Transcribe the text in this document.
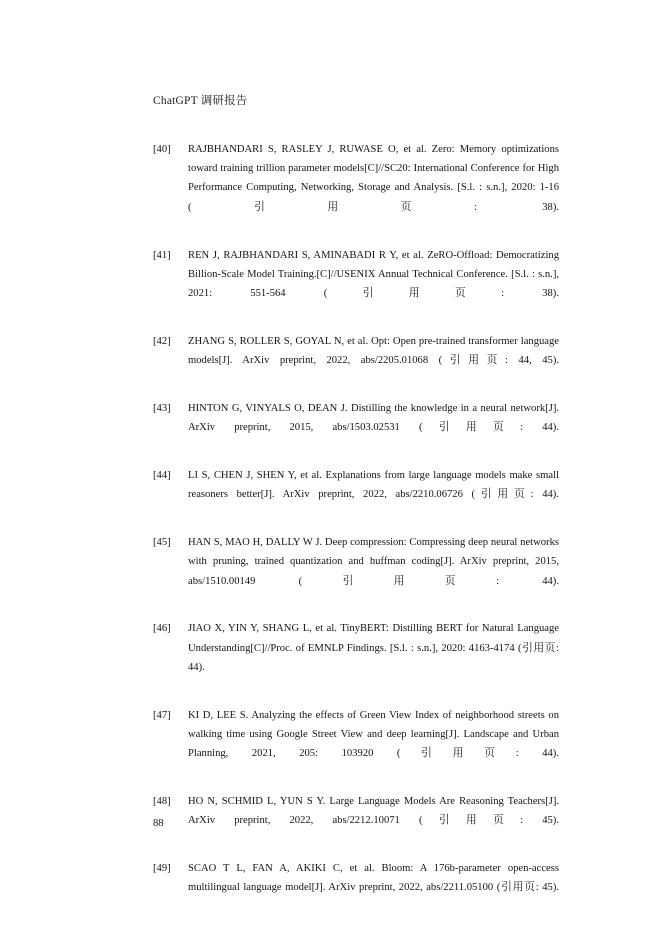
ChatGPT 调研报告
[40]	RAJBHANDARI S, RASLEY J, RUWASE O, et al. Zero: Memory optimizations toward training trillion parameter models[C]//SC20: International Conference for High Performance Computing, Networking, Storage and Analysis. [S.l. : s.n.], 2020: 1-16 (引用页: 38).
[41]	REN J, RAJBHANDARI S, AMINABADI R Y, et al. ZeRO-Offload: Democratizing Billion-Scale Model Training.[C]//USENIX Annual Technical Conference. [S.l. : s.n.], 2021: 551-564 (引用页: 38).
[42]	ZHANG S, ROLLER S, GOYAL N, et al. Opt: Open pre-trained transformer language models[J]. ArXiv preprint, 2022, abs/2205.01068 (引用页: 44, 45).
[43]	HINTON G, VINYALS O, DEAN J. Distilling the knowledge in a neural network[J]. ArXiv preprint, 2015, abs/1503.02531 (引用页: 44).
[44]	LI S, CHEN J, SHEN Y, et al. Explanations from large language models make small reasoners better[J]. ArXiv preprint, 2022, abs/2210.06726 (引用页: 44).
[45]	HAN S, MAO H, DALLY W J. Deep compression: Compressing deep neural networks with pruning, trained quantization and huffman coding[J]. ArXiv preprint, 2015, abs/1510.00149 (引用页: 44).
[46]	JIAO X, YIN Y, SHANG L, et al. TinyBERT: Distilling BERT for Natural Language Understanding[C]//Proc. of EMNLP Findings. [S.l. : s.n.], 2020: 4163-4174 (引用页: 44).
[47]	KI D, LEE S. Analyzing the effects of Green View Index of neighborhood streets on walking time using Google Street View and deep learning[J]. Landscape and Urban Planning, 2021, 205: 103920 (引用页: 44).
[48]	HO N, SCHMID L, YUN S Y. Large Language Models Are Reasoning Teachers[J]. ArXiv preprint, 2022, abs/2212.10071 (引用页: 45).
[49]	SCAO T L, FAN A, AKIKI C, et al. Bloom: A 176b-parameter open-access multilingual language model[J]. ArXiv preprint, 2022, abs/2211.05100 (引用页: 45).
88
